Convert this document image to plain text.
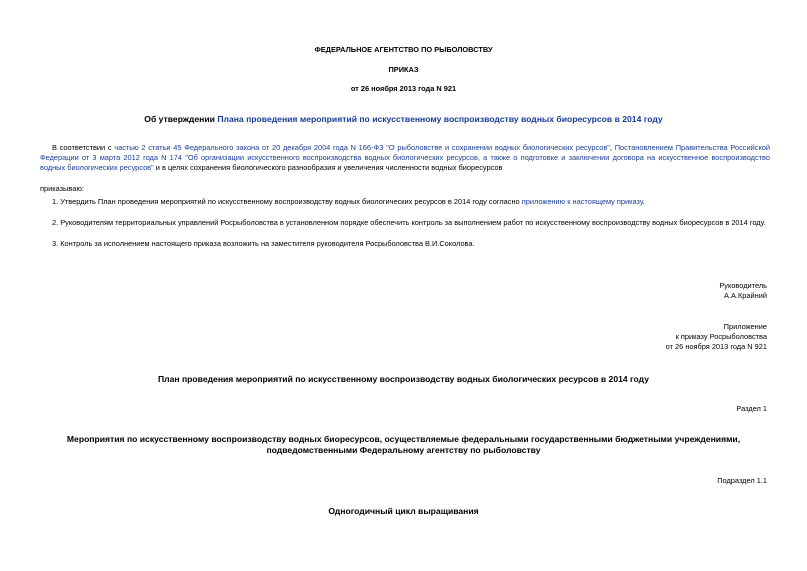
ФЕДЕРАЛЬНОЕ АГЕНТСТВО ПО РЫБОЛОВСТВУ
ПРИКАЗ
от 26 ноября 2013 года N 921
Об утверждении Плана проведения мероприятий по искусственному воспроизводству водных биоресурсов в 2014 году
В соответствии с частью 2 статьи 45 Федерального закона от 20 декабря 2004 года N 166-ФЗ "О рыболовстве и сохранении водных биологических ресурсов", Постановлением Правительства Российской Федерации от 3 марта 2012 года N 174 "Об организации искусственного воспроизводства водных биологических ресурсов, а также о подготовке и заключении договора на искусственное воспроизводство водных биологических ресурсов" и в целях сохранения биологического разнообразия и увеличения численности водных биоресурсов
приказываю:
1. Утвердить План проведения мероприятий по искусственному воспроизводству водных биологических ресурсов в 2014 году согласно приложению к настоящему приказу.
2. Руководителям территориальных управлений Росрыболовства в установленном порядке обеспечить контроль за выполнением работ по искусственному воспроизводству водных биоресурсов в 2014 году.
3. Контроль за исполнением настоящего приказа возложить на заместителя руководителя Росрыболовства В.И.Соколова.
Руководитель
А.А.Крайний
Приложение
к приказу Росрыболовства
от 26 ноября 2013 года N 921
План проведения мероприятий по искусственному воспроизводству водных биологических ресурсов в 2014 году
Раздел 1
Мероприятия по искусственному воспроизводству водных биоресурсов, осуществляемые федеральными государственными бюджетными учреждениями,
подведомственными Федеральному агентству по рыболовству
Подраздел 1.1
Одногодичный цикл выращивания
